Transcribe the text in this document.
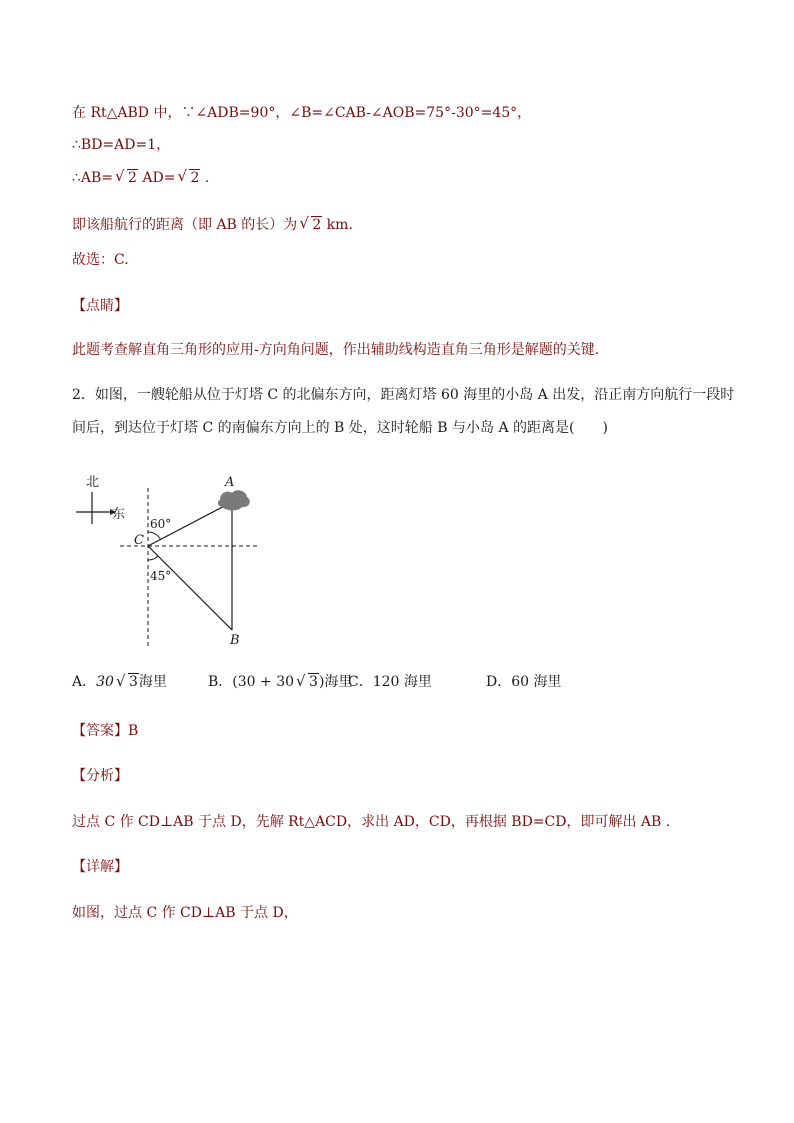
在 Rt△ABD 中，∵∠ADB=90°，∠B=∠CAB-∠AOB=75°-30°=45°，
∴BD=AD=1，
∴AB= √ 2 AD= √ 2 .
即该船航行的距离（即 AB 的长）为 √ 2 km.
故选：C.
【点睛】
此题考查解直角三角形的应用-方向角问题，作出辅助线构造直角三角形是解题的关键.
2．如图，一艘轮船从位于灯塔 C 的北偏东方向，距离灯塔 60 海里的小岛 A 出发，沿正南方向航行一段时
间后，到达位于灯塔 C 的南偏东方向上的 B 处，这时轮船 B 与小岛 A 的距离是(　　)
北
东
A
B
C
60°
45°
A．30 √ 3海里	B．(30 + 30 √ 3)海里
C．120 海里	D．60 海里
【答案】B
【分析】
过点 C 作 CD⊥AB 于点 D，先解 Rt△ACD，求出 AD，CD，再根据 BD=CD，即可解出 AB .
【详解】
如图，过点 C 作 CD⊥AB 于点 D，
